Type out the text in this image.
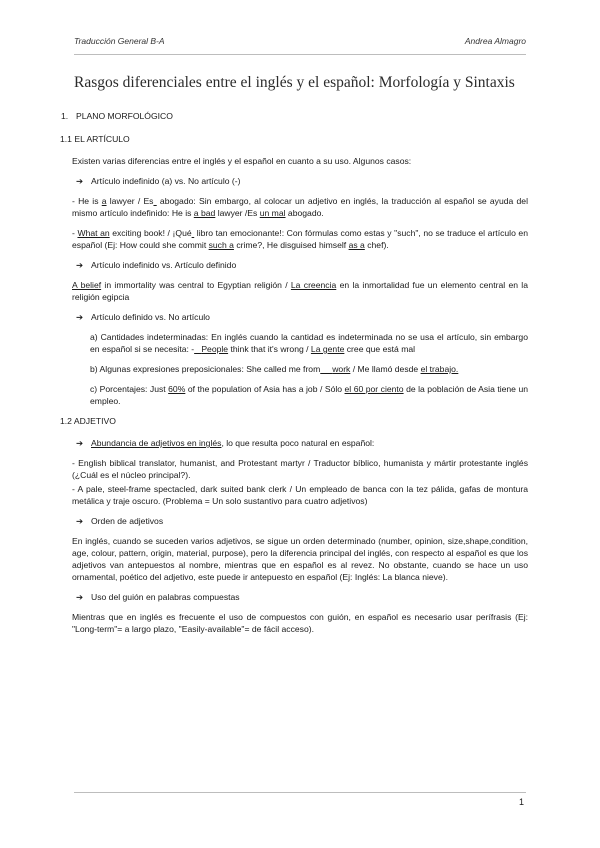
Traducción General B-A	Andrea Almagro
Rasgos diferenciales entre el inglés y el español: Morfología y Sintaxis
1. PLANO MORFOLÓGICO
1.1 EL ARTÍCULO
Existen varias diferencias entre el inglés y el español en cuanto a su uso. Algunos casos:
➔ Artículo indefinido (a) vs. No artículo (-)
- He is a lawyer / Es  abogado: Sin embargo, al colocar un adjetivo en inglés, la traducción al español se ayuda del mismo artículo indefinido: He is a bad lawyer /Es un mal abogado.
- What an exciting book! / ¡Qué  libro tan emocionante!: Con fórmulas como estas y "such", no se traduce el artículo en español (Ej: How could she commit such a crime?, He disguised himself as a chef).
➔ Artículo indefinido vs. Artículo definido
A belief in immortality was central to Egyptian religión / La creencia en la inmortalidad fue un elemento central en la religión egipcia
➔ Artículo definido vs. No artículo
a) Cantidades indeterminadas: En inglés cuando la cantidad es indeterminada no se usa el artículo, sin embargo en español si se necesita: - People think that it's wrong / La gente cree que está mal
b) Algunas expresiones preposicionales: She called me from work / Me llamó desde el trabajo.
c) Porcentajes: Just 60% of the population of Asia has a job / Sólo el 60 por ciento de la población de Asia tiene un empleo.
1.2 ADJETIVO
➔ Abundancia de adjetivos en inglés, lo que resulta poco natural en español:
- English biblical translator, humanist, and Protestant martyr / Traductor bíblico, humanista y mártir protestante inglés (¿Cuál es el núcleo principal?).
- A pale, steel-frame spectacled, dark suited bank clerk / Un empleado de banca con la tez pálida, gafas de montura metálica y traje oscuro. (Problema = Un solo sustantivo para cuatro adjetivos)
➔ Orden de adjetivos
En inglés, cuando se suceden varios adjetivos, se sigue un orden determinado (number, opinion, size,shape,condition, age, colour, pattern, origin, material, purpose), pero la diferencia principal del inglés, con respecto al español es que los adjetivos van antepuestos al nombre, mientras que en español es al revez. No obstante, cuando se hace un uso ornamental, poético del adjetivo, este puede ir antepuesto en español (Ej: Inglés: La blanca nieve).
➔ Uso del guión en palabras compuestas
Mientras que en inglés es frecuente el uso de compuestos con guión, en español es necesario usar perífrasis (Ej: "Long-term"= a largo plazo, "Easily-available"= de fácil acceso).
1
